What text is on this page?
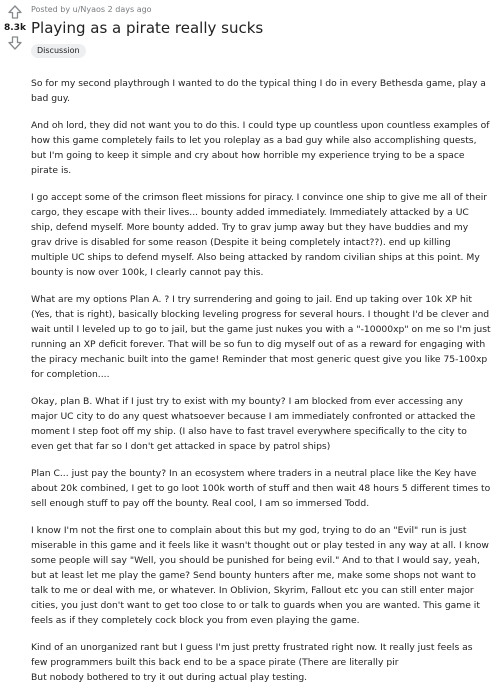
8.3k
Posted by u/Nyaos 2 days ago
Playing as a pirate really sucks
Discussion

So for my second playthrough I wanted to do the typical thing I do in every Bethesda game, play a bad guy.

And oh lord, they did not want you to do this. I could type up countless upon countless examples of how this game completely fails to let you roleplay as a bad guy while also accomplishing quests, but I'm going to keep it simple and cry about how horrible my experience trying to be a space pirate is.

I go accept some of the crimson fleet missions for piracy. I convince one ship to give me all of their cargo, they escape with their lives... bounty added immediately. Immediately attacked by a UC ship, defend myself. More bounty added. Try to grav jump away but they have buddies and my grav drive is disabled for some reason (Despite it being completely intact??). end up killing multiple UC ships to defend myself. Also being attacked by random civilian ships at this point. My bounty is now over 100k, I clearly cannot pay this.

What are my options Plan A. ? I try surrendering and going to jail. End up taking over 10k XP hit (Yes, that is right), basically blocking leveling progress for several hours. I thought I'd be clever and wait until I leveled up to go to jail, but the game just nukes you with a "-10000xp" on me so I'm just running an XP deficit forever. That will be so fun to dig myself out of as a reward for engaging with the piracy mechanic built into the game! Reminder that most generic quest give you like 75-100xp for completion....

Okay, plan B. What if I just try to exist with my bounty? I am blocked from ever accessing any major UC city to do any quest whatsoever because I am immediately confronted or attacked the moment I step foot off my ship. (I also have to fast travel everywhere specifically to the city to even get that far so I don't get attacked in space by patrol ships)

Plan C... just pay the bounty? In an ecosystem where traders in a neutral place like the Key have about 20k combined, I get to go loot 100k worth of stuff and then wait 48 hours 5 different times to sell enough stuff to pay off the bounty. Real cool, I am so immersed Todd.

I know I'm not the first one to complain about this but my god, trying to do an "Evil" run is just miserable in this game and it feels like it wasn't thought out or play tested in any way at all. I know some people will say "Well, you should be punished for being evil." And to that I would say, yeah, but at least let me play the game? Send bounty hunters after me, make some shops not want to talk to me or deal with me, or whatever. In Oblivion, Skyrim, Fallout etc you can still enter major cities, you just don't want to get too close to or talk to guards when you are wanted. This game it feels as if they completely cock block you from even playing the game.

Kind of an unorganized rant but I guess I'm just pretty frustrated right now. It really just feels as few programmers built this back end to be a space pirate (There are literally pir

But nobody bothered to try it out during actual play testing.
